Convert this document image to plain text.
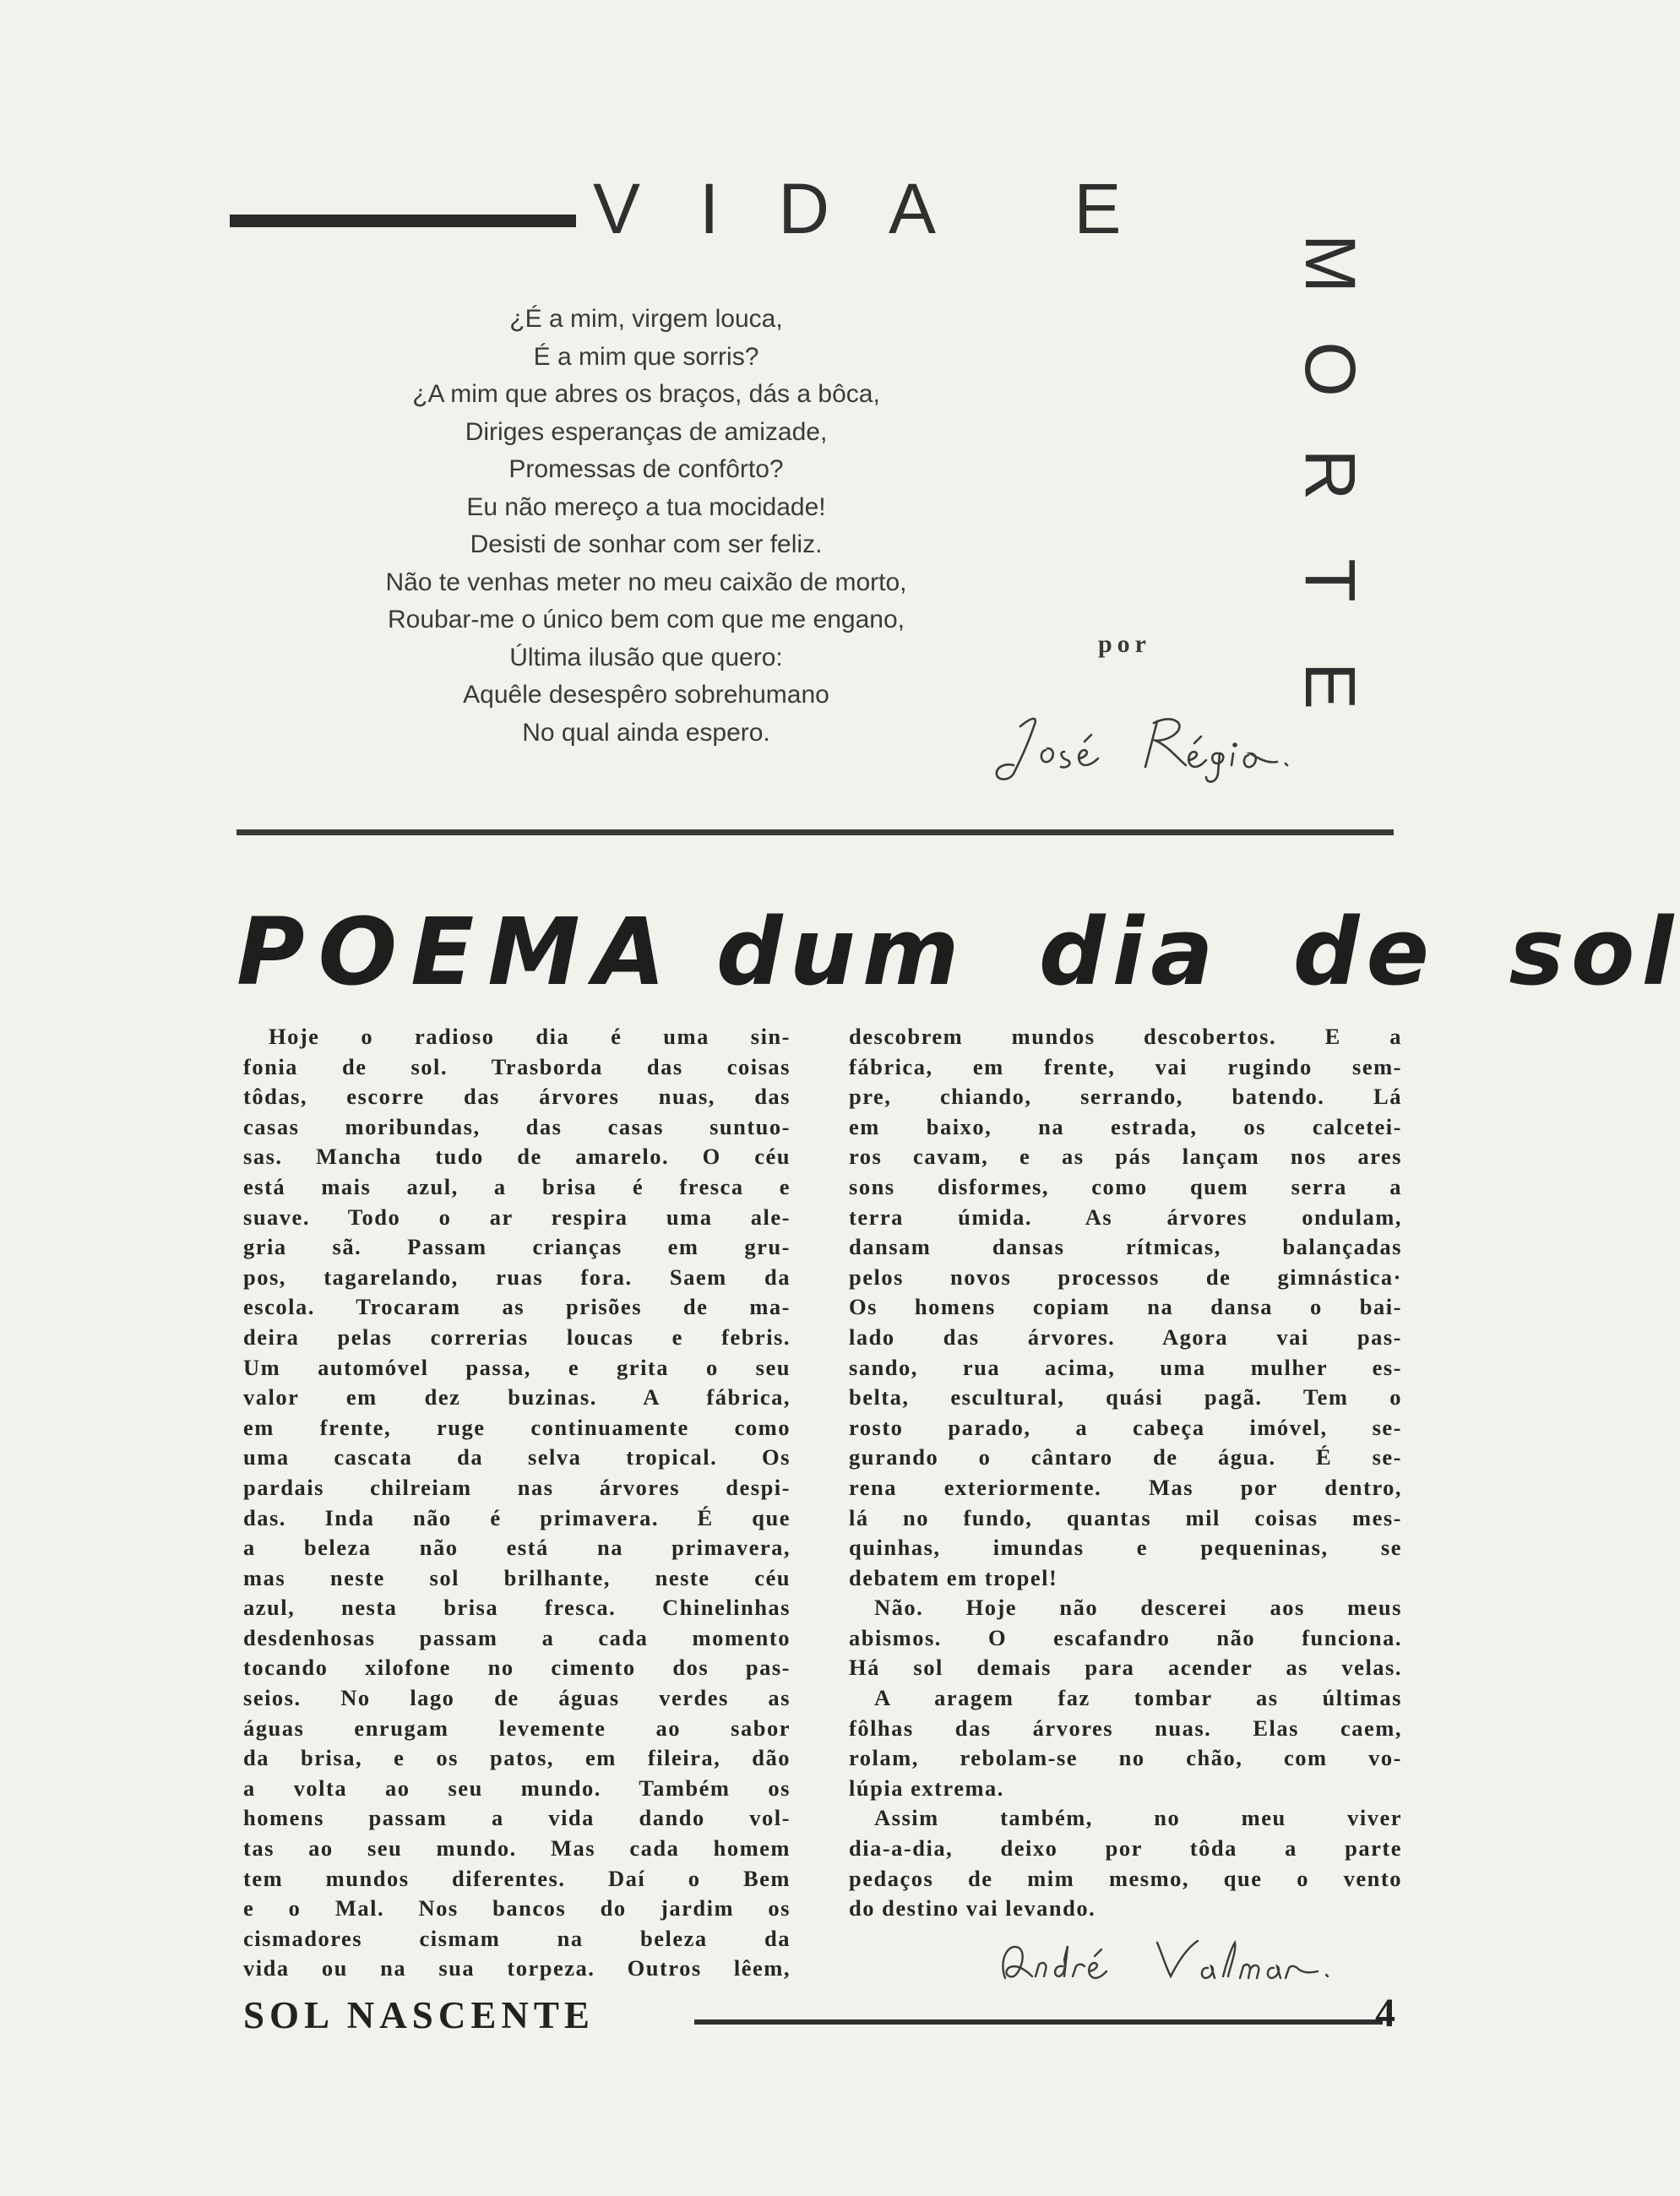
VIDA E
M
O
R
T
E
¿É a mim, virgem louca,
É a mim que sorris?
¿A mim que abres os braços, dás a bôca,
Diriges esperanças de amizade,
Promessas de confôrto?
Eu não mereço a tua mocidade!
Desisti de sonhar com ser feliz.
Não te venhas meter no meu caixão de morto,
Roubar-me o único bem com que me engano,
Última ilusão que quero:
Aquêle desespêro sobrehumano
No qual ainda espero.
por
POEMA dum dia de sol
Hoje o radioso dia é uma sin-
fonia de sol. Trasborda das coisas
tôdas, escorre das árvores nuas, das
casas moribundas, das casas suntuo-
sas. Mancha tudo de amarelo. O céu
está mais azul, a brisa é fresca e
suave. Todo o ar respira uma ale-
gria sã. Passam crianças em gru-
pos, tagarelando, ruas fora. Saem da
escola. Trocaram as prisões de ma-
deira pelas correrias loucas e febris.
Um automóvel passa, e grita o seu
valor em dez buzinas. A fábrica,
em frente, ruge continuamente como
uma cascata da selva tropical. Os
pardais chilreiam nas árvores despi-
das. Inda não é primavera. É que
a beleza não está na primavera,
mas neste sol brilhante, neste céu
azul, nesta brisa fresca. Chinelinhas
desdenhosas passam a cada momento
tocando xilofone no cimento dos pas-
seios. No lago de águas verdes as
águas enrugam levemente ao sabor
da brisa, e os patos, em fileira, dão
a volta ao seu mundo. Também os
homens passam a vida dando vol-
tas ao seu mundo. Mas cada homem
tem mundos diferentes. Daí o Bem
e o Mal. Nos bancos do jardim os
cismadores cismam na beleza da
vida ou na sua torpeza. Outros lêem,
descobrem mundos descobertos. E a
fábrica, em frente, vai rugindo sem-
pre, chiando, serrando, batendo. Lá
em baixo, na estrada, os calcetei-
ros cavam, e as pás lançam nos ares
sons disformes, como quem serra a
terra úmida. As árvores ondulam,
dansam dansas rítmicas, balançadas
pelos novos processos de gimnástica·
Os homens copiam na dansa o bai-
lado das árvores. Agora vai pas-
sando, rua acima, uma mulher es-
belta, escultural, quási pagã. Tem o
rosto parado, a cabeça imóvel, se-
gurando o cântaro de água. É se-
rena exteriormente. Mas por dentro,
lá no fundo, quantas mil coisas mes-
quinhas, imundas e pequeninas, se
debatem em tropel!
Não. Hoje não descerei aos meus
abismos. O escafandro não funciona.
Há sol demais para acender as velas.
A aragem faz tombar as últimas
fôlhas das árvores nuas. Elas caem,
rolam, rebolam-se no chão, com vo-
lúpia extrema.
Assim também, no meu viver
dia-a-dia, deixo por tôda a parte
pedaços de mim mesmo, que o vento
do destino vai levando.
SOL NASCENTE	4
